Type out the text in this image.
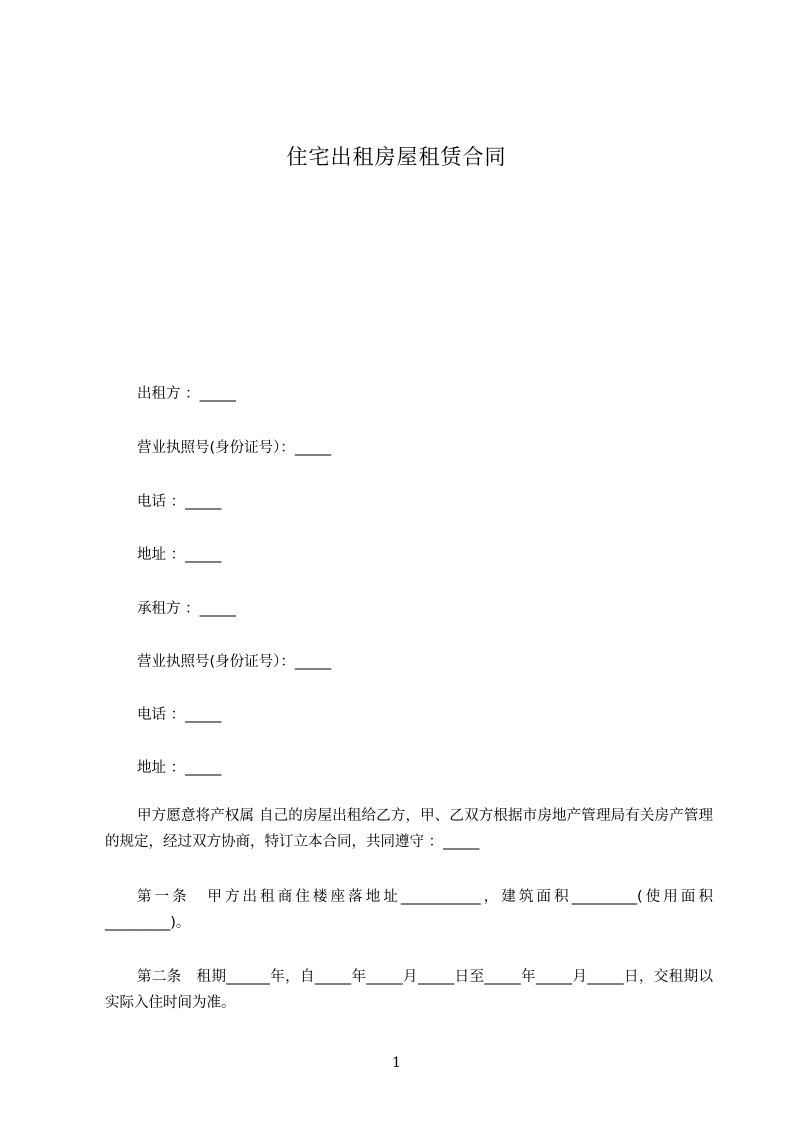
住宅出租房屋租赁合同
出租方 ：_____
营业执照号(身份证号）：_____
电话 ：_____
地址 ：_____
承租方 ：_____
营业执照号(身份证号）：_____
电话 ：_____
地址 ：_____
甲方愿意将产权属 自己的房屋出租给乙方，甲、乙双方根据市房地产管理局有关房产管理的规定，经过双方协商，特订立本合同，共同遵守 ：_____
第一条　甲方出租商住楼座落地址___________，建筑面积_________(使用面积_________)。
第二条　租期______年，自_____年_____月_____日至_____年_____月_____日，交租期以实际入住时间为准。
1
